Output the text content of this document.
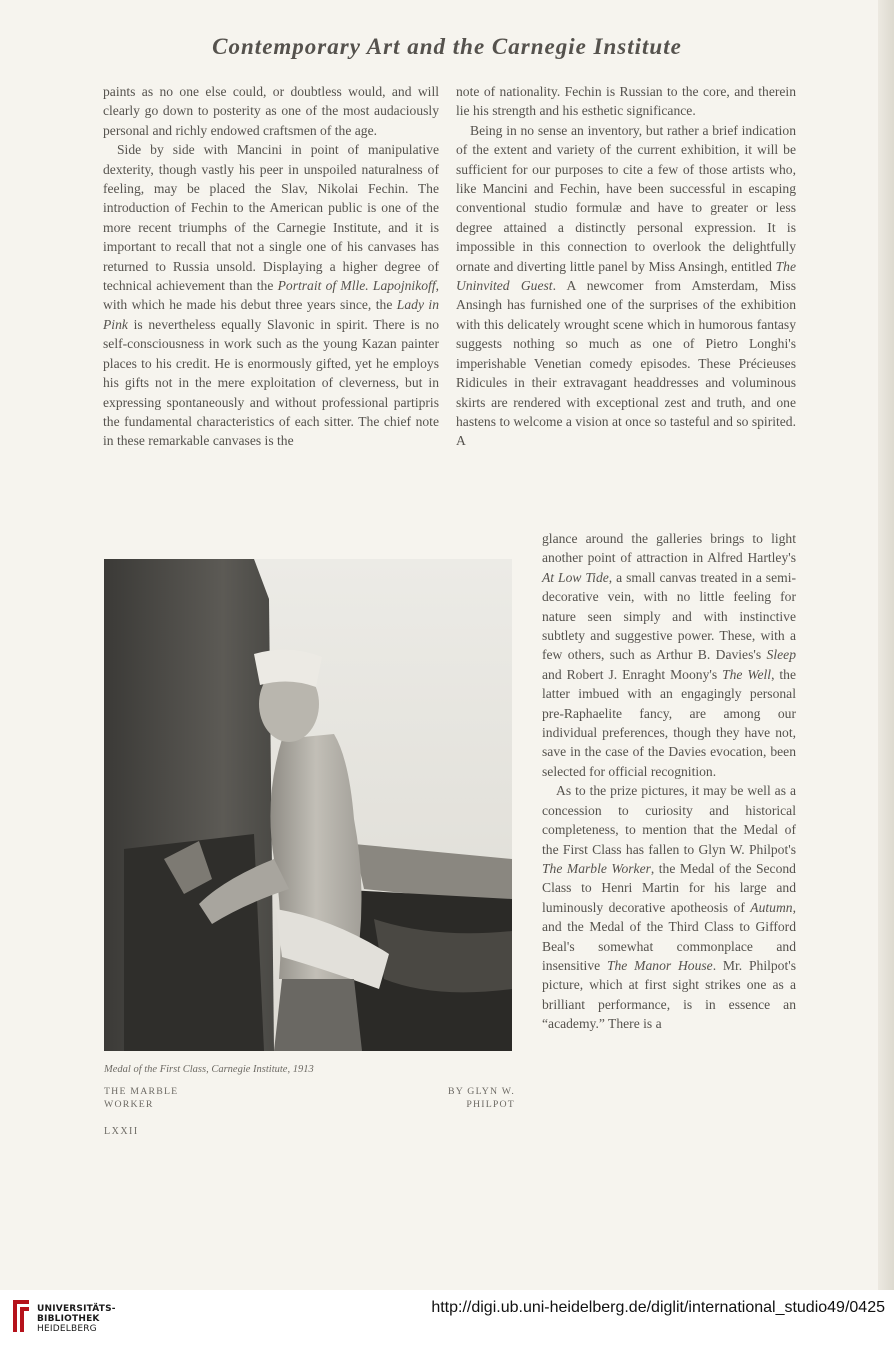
Contemporary Art and the Carnegie Institute

paints as no one else could, or doubtless would, and will clearly go down to posterity as one of the most audaciously personal and richly endowed craftsmen of the age.

Side by side with Mancini in point of manipulative dexterity, though vastly his peer in unspoiled naturalness of feeling, may be placed the Slav, Nikolai Fechin. The introduction of Fechin to the American public is one of the more recent triumphs of the Carnegie Institute, and it is important to recall that not a single one of his canvases has returned to Russia unsold. Displaying a higher degree of technical achievement than the Portrait of Mlle. Lapojnikoff, with which he made his debut three years since, the Lady in Pink is nevertheless equally Slavonic in spirit. There is no self-consciousness in work such as the young Kazan painter places to his credit. He is enormously gifted, yet he employs his gifts not in the mere exploitation of cleverness, but in expressing spontaneously and without professional partipris the fundamental characteristics of each sitter. The chief note in these remarkable canvases is the

note of nationality. Fechin is Russian to the core, and therein lie his strength and his esthetic significance.

Being in no sense an inventory, but rather a brief indication of the extent and variety of the current exhibition, it will be sufficient for our purposes to cite a few of those artists who, like Mancini and Fechin, have been successful in escaping conventional studio formulæ and have to greater or less degree attained a distinctly personal expression. It is impossible in this connection to overlook the delightfully ornate and diverting little panel by Miss Ansingh, entitled The Uninvited Guest. A newcomer from Amsterdam, Miss Ansingh has furnished one of the surprises of the exhibition with this delicately wrought scene which in humorous fantasy suggests nothing so much as one of Pietro Longhi's imperishable Venetian comedy episodes. These Précieuses Ridicules in their extravagant headdresses and voluminous skirts are rendered with exceptional zest and truth, and one hastens to welcome a vision at once so tasteful and so spirited. A

glance around the galleries brings to light another point of attraction in Alfred Hartley's At Low Tide, a small canvas treated in a semi-decorative vein, with no little feeling for nature seen simply and with instinctive subtlety and suggestive power. These, with a few others, such as Arthur B. Davies's Sleep and Robert J. Enraght Moony's The Well, the latter imbued with an engagingly personal pre-Raphaelite fancy, are among our individual preferences, though they have not, save in the case of the Davies evocation, been selected for official recognition.

As to the prize pictures, it may be well as a concession to curiosity and historical completeness, to mention that the Medal of the First Class has fallen to Glyn W. Philpot's The Marble Worker, the Medal of the Second Class to Henri Martin for his large and luminously decorative apotheosis of Autumn, and the Medal of the Third Class to Gifford Beal's somewhat commonplace and insensitive The Manor House. Mr. Philpot's picture, which at first sight strikes one as a brilliant performance, is in essence an “academy.” There is a

Medal of the First Class, Carnegie Institute, 1913

THE MARBLE
WORKER

BY GLYN W.
PHILPOT

LXXII

UNIVERSITÄTS-
BIBLIOTHEK
HEIDELBERG
http://digi.ub.uni-heidelberg.de/diglit/international_studio49/0425
